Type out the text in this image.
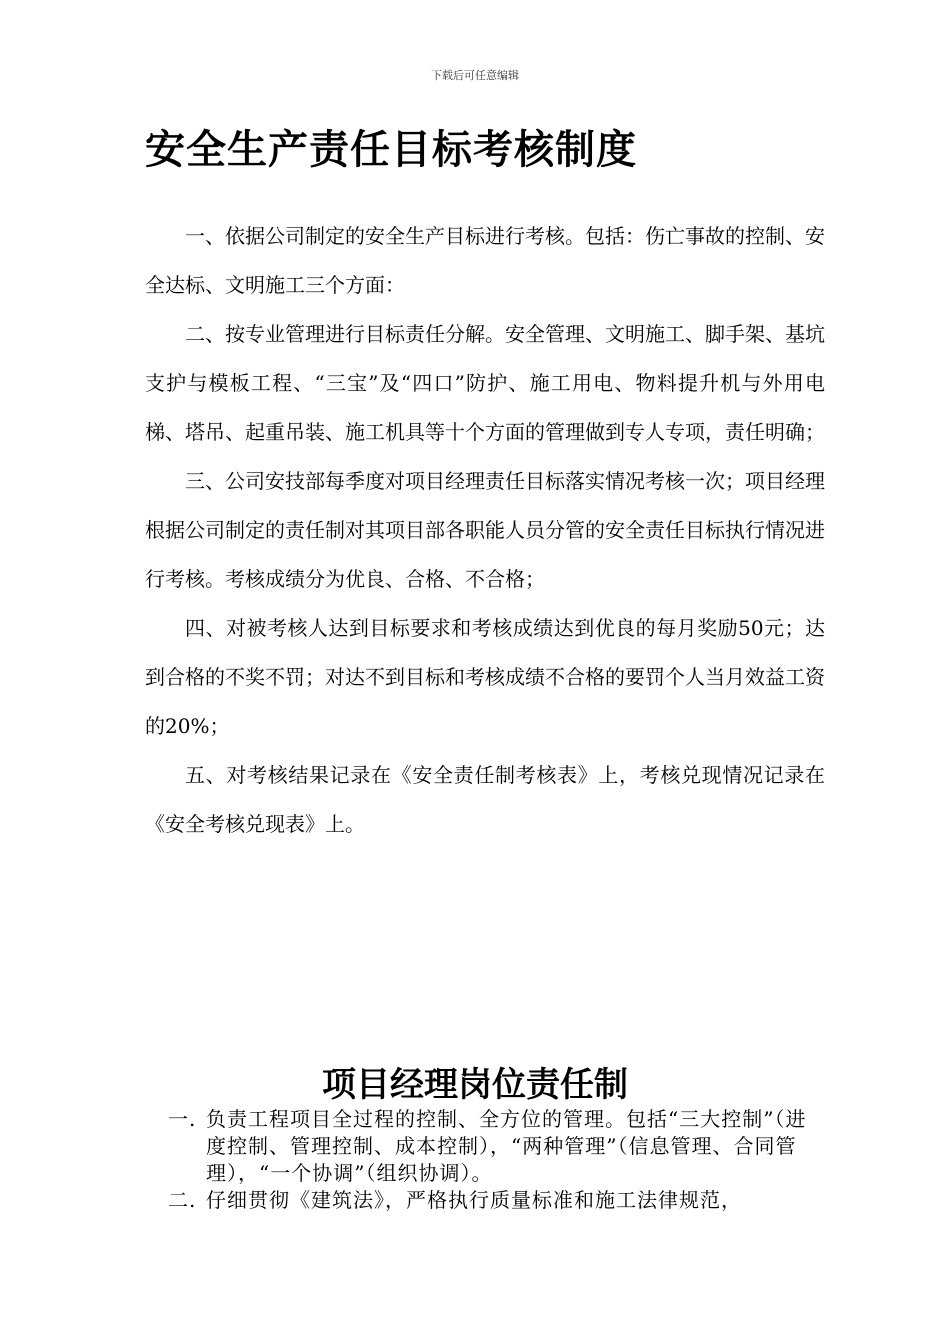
下载后可任意编辑
安全生产责任目标考核制度

一、依据公司制定的安全生产目标进行考核。包括：伤亡事故的控制、安全达标、文明施工三个方面：

二、按专业管理进行目标责任分解。安全管理、文明施工、脚手架、基坑支护与模板工程、“三宝”及“四口”防护、施工用电、物料提升机与外用电梯、塔吊、起重吊装、施工机具等十个方面的管理做到专人专项，责任明确；

三、公司安技部每季度对项目经理责任目标落实情况考核一次；项目经理根据公司制定的责任制对其项目部各职能人员分管的安全责任目标执行情况进行考核。考核成绩分为优良、合格、不合格；

四、对被考核人达到目标要求和考核成绩达到优良的每月奖励50元；达到合格的不奖不罚；对达不到目标和考核成绩不合格的要罚个人当月效益工资的20%；

五、对考核结果记录在《安全责任制考核表》上，考核兑现情况记录在《安全考核兑现表》上。

项目经理岗位责任制
一. 负责工程项目全过程的控制、全方位的管理。包括“三大控制”（进度控制、管理控制、成本控制），“两种管理”（信息管理、合同管理），“一个协调”（组织协调）。
二. 仔细贯彻《建筑法》，严格执行质量标准和施工法律规范，
